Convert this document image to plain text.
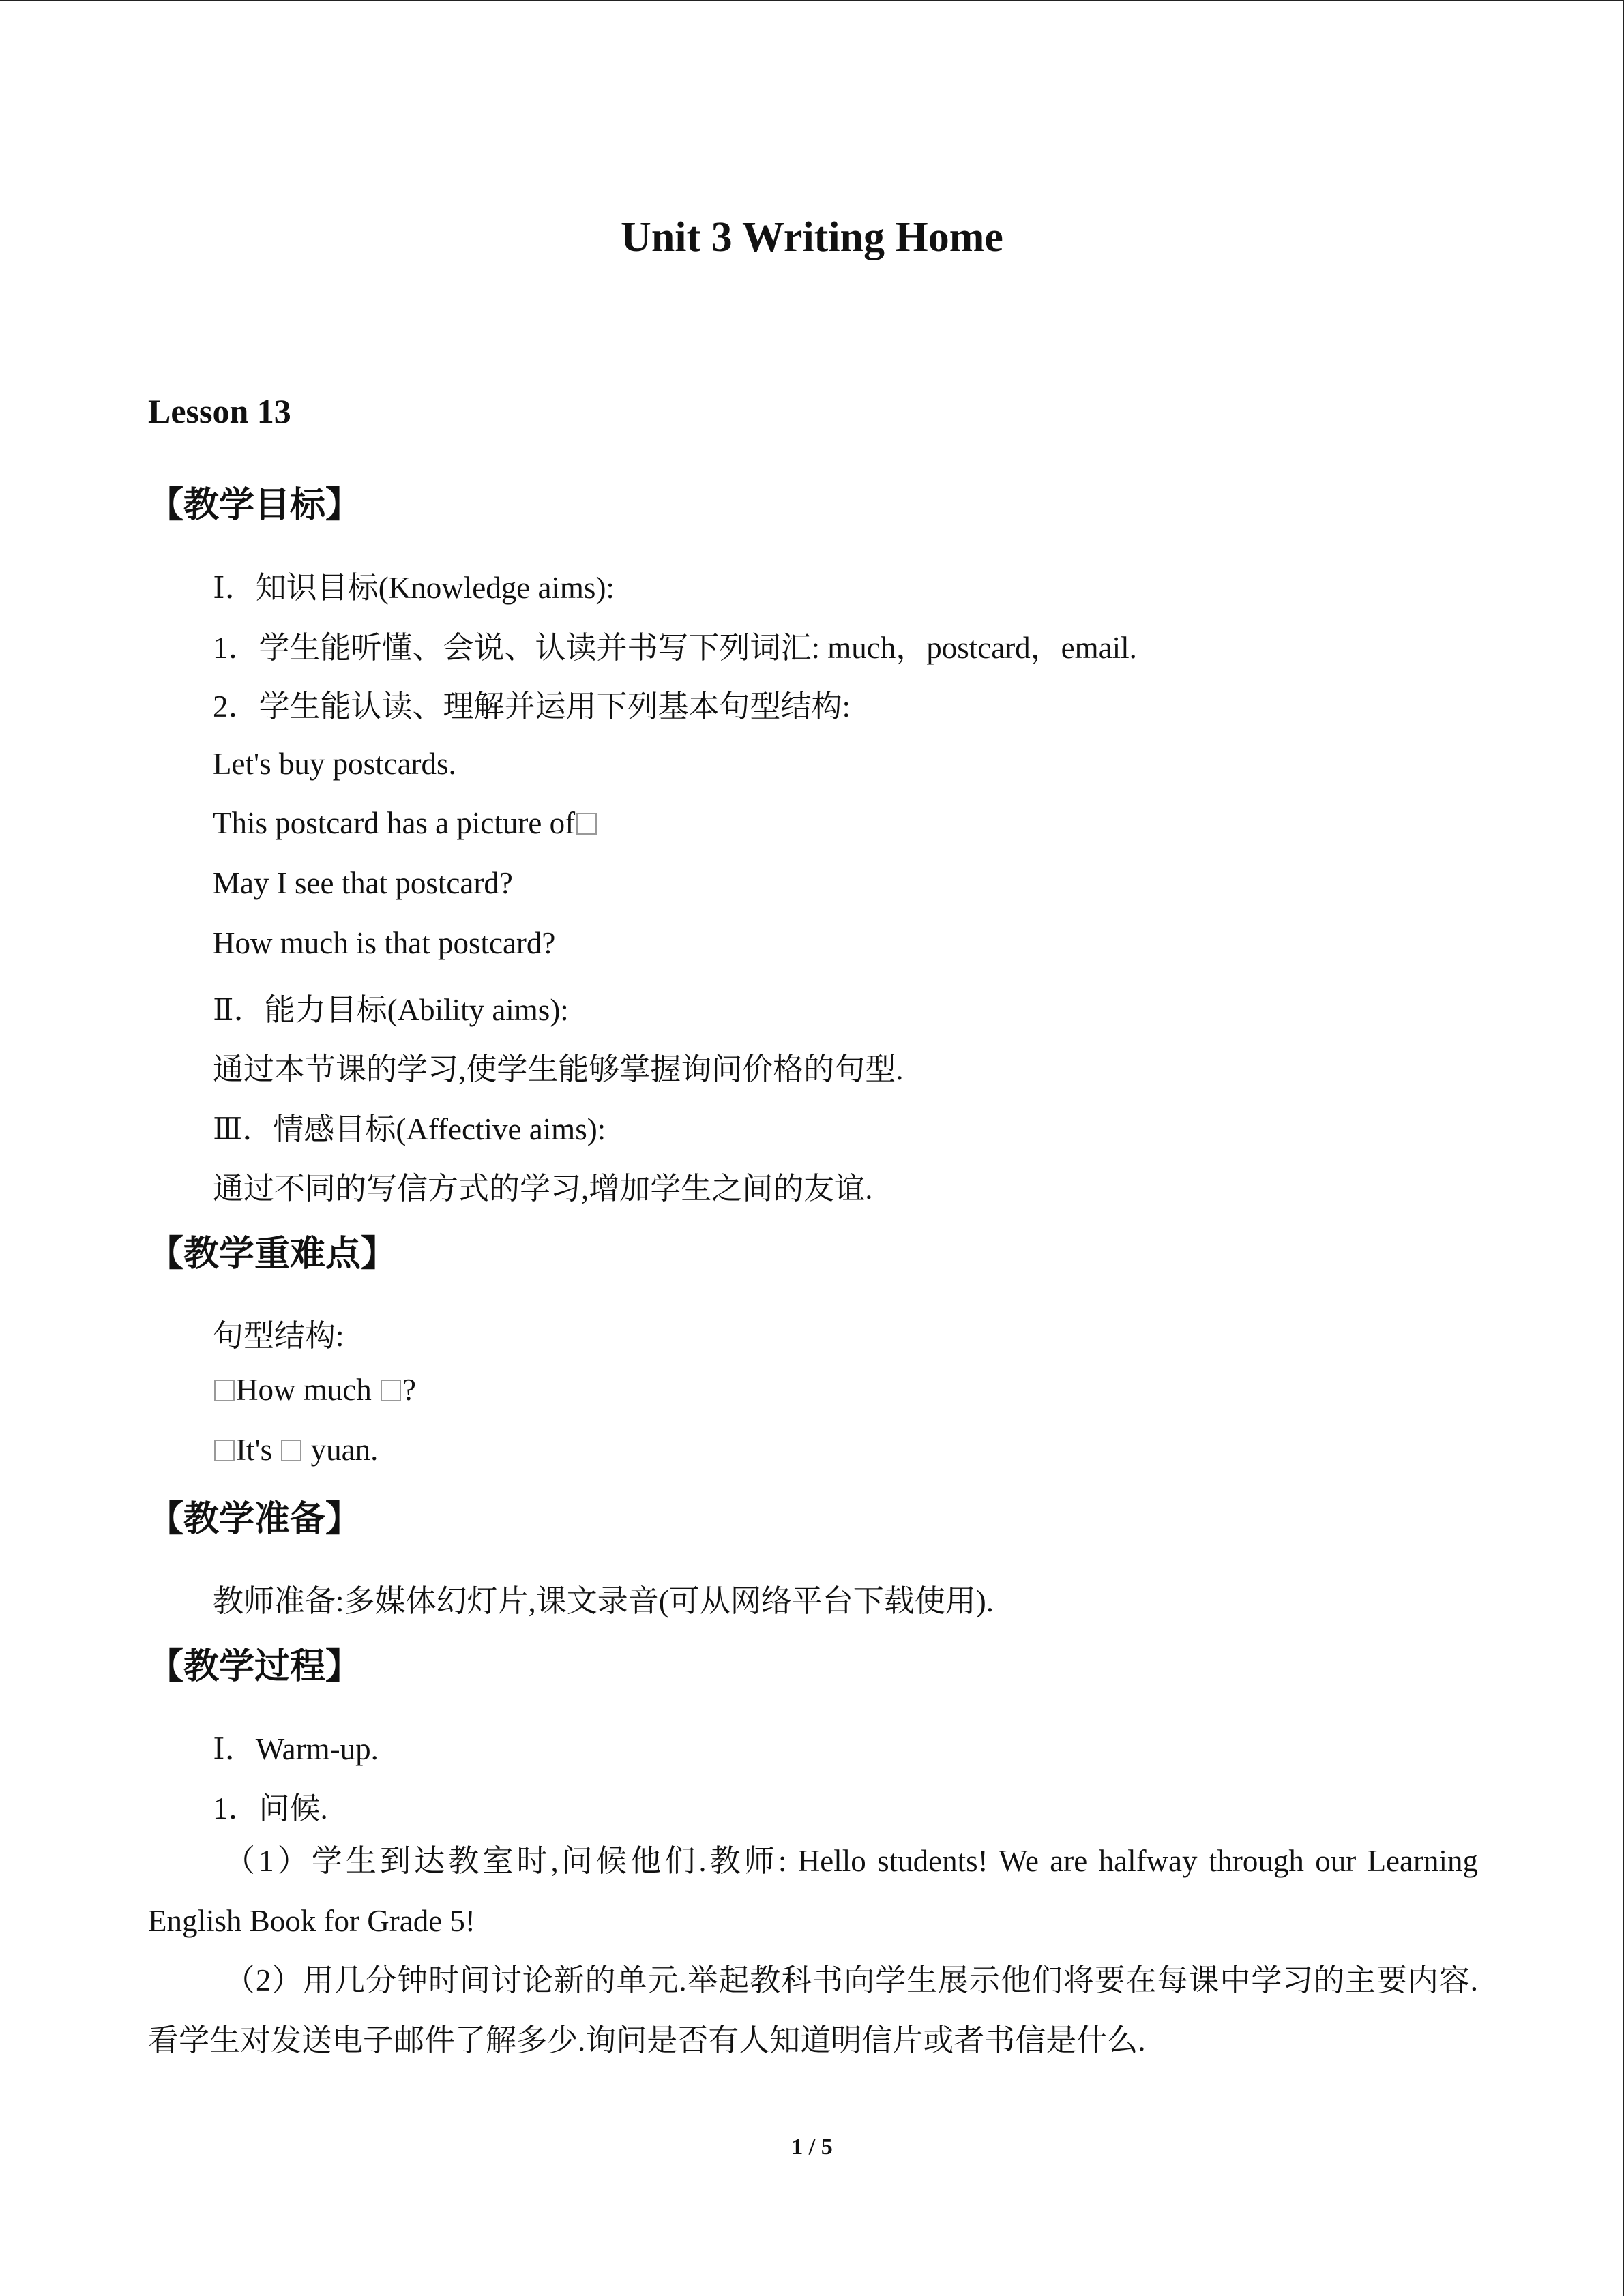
Unit 3 Writing Home
Lesson 13
【教学目标】
Ⅰ．知识目标(Knowledge aims):
1．学生能听懂、会说、认读并书写下列词汇: much，postcard，email.
2．学生能认读、理解并运用下列基本句型结构:
Let's buy postcards.
This postcard has a picture of
May I see that postcard?
How much is that postcard?
Ⅱ．能力目标(Ability aims):
通过本节课的学习,使学生能够掌握询问价格的句型.
Ⅲ．情感目标(Affective aims):
通过不同的写信方式的学习,增加学生之间的友谊.
【教学重难点】
句型结构:
How much ?
It's  yuan.
【教学准备】
教师准备:多媒体幻灯片,课文录音(可从网络平台下载使用).
【教学过程】
Ⅰ．Warm-up.
1．问候.
（1）学生到达教室时,问候他们.教师: Hello students! We are halfway through our Learning English Book for Grade 5!
（2）用几分钟时间讨论新的单元.举起教科书向学生展示他们将要在每课中学习的主要内容.看学生对发送电子邮件了解多少.询问是否有人知道明信片或者书信是什么.
1 / 5
